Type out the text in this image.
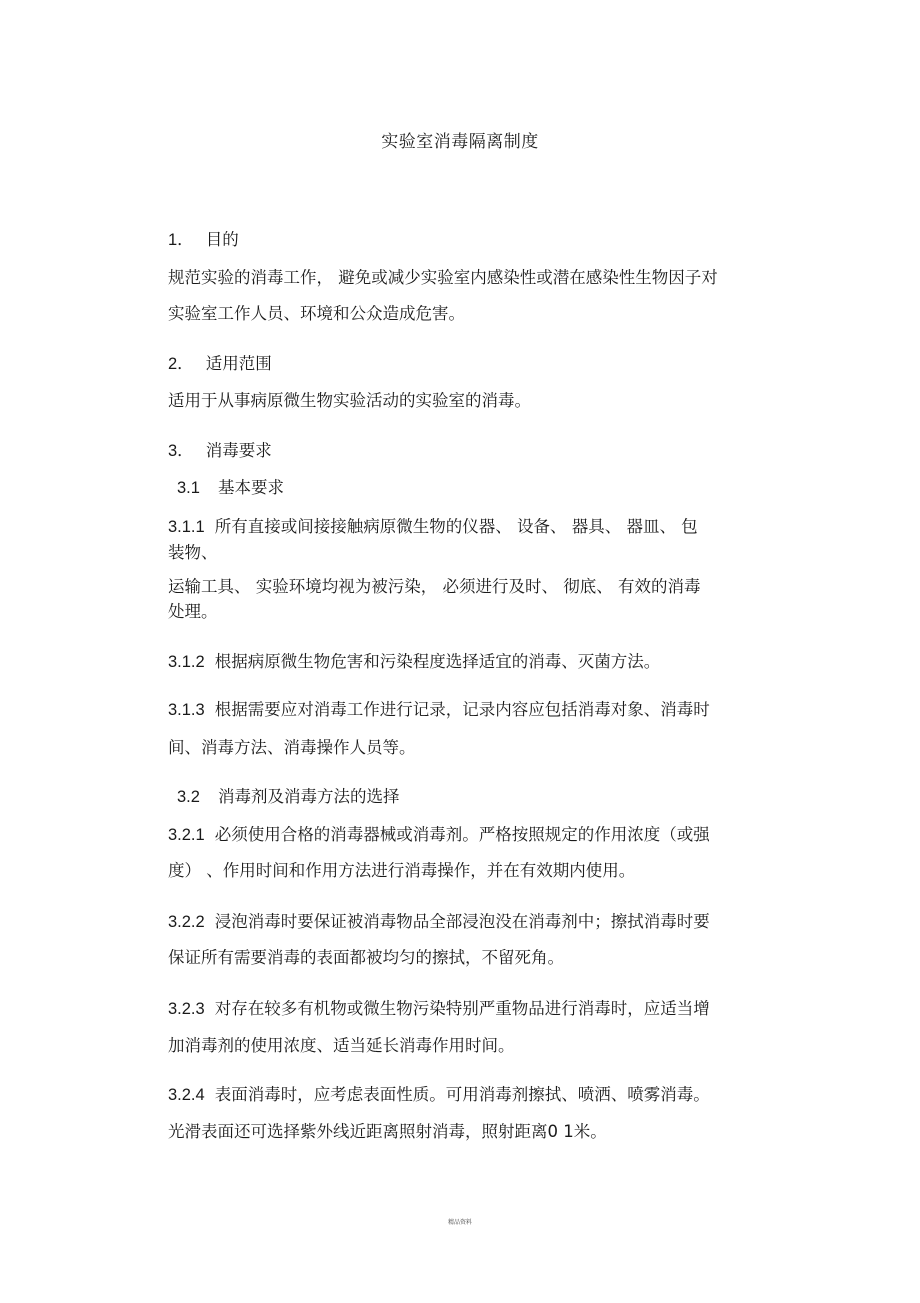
实验室消毒隔离制度
1． 目的
规范实验的消毒工作， 避免或减少实验室内感染性或潜在感染性生物因子对
实验室工作人员、环境和公众造成危害。
2． 适用范围
适用于从事病原微生物实验活动的实验室的消毒。
3． 消毒要求
3.1 基本要求
3.1.1 所有直接或间接接触病原微生物的仪器、 设备、 器具、 器皿、 包
装物、
运输工具、 实验环境均视为被污染， 必须进行及时、 彻底、 有效的消毒
处理。
3.1.2 根据病原微生物危害和污染程度选择适宜的消毒、灭菌方法。
3.1.3 根据需要应对消毒工作进行记录，记录内容应包括消毒对象、消毒时
间、消毒方法、消毒操作人员等。
3.2 消毒剂及消毒方法的选择
3.2.1 必须使用合格的消毒器械或消毒剂。严格按照规定的作用浓度（或强
度） 、作用时间和作用方法进行消毒操作，并在有效期内使用。
3.2.2 浸泡消毒时要保证被消毒物品全部浸泡没在消毒剂中；擦拭消毒时要
保证所有需要消毒的表面都被均匀的擦拭，不留死角。
3.2.3 对存在较多有机物或微生物污染特别严重物品进行消毒时，应适当增
加消毒剂的使用浓度、适当延长消毒作用时间。
3.2.4 表面消毒时，应考虑表面性质。可用消毒剂擦拭、喷洒、喷雾消毒。
光滑表面还可选择紫外线近距离照射消毒，照射距离0 1米。
精品资料
